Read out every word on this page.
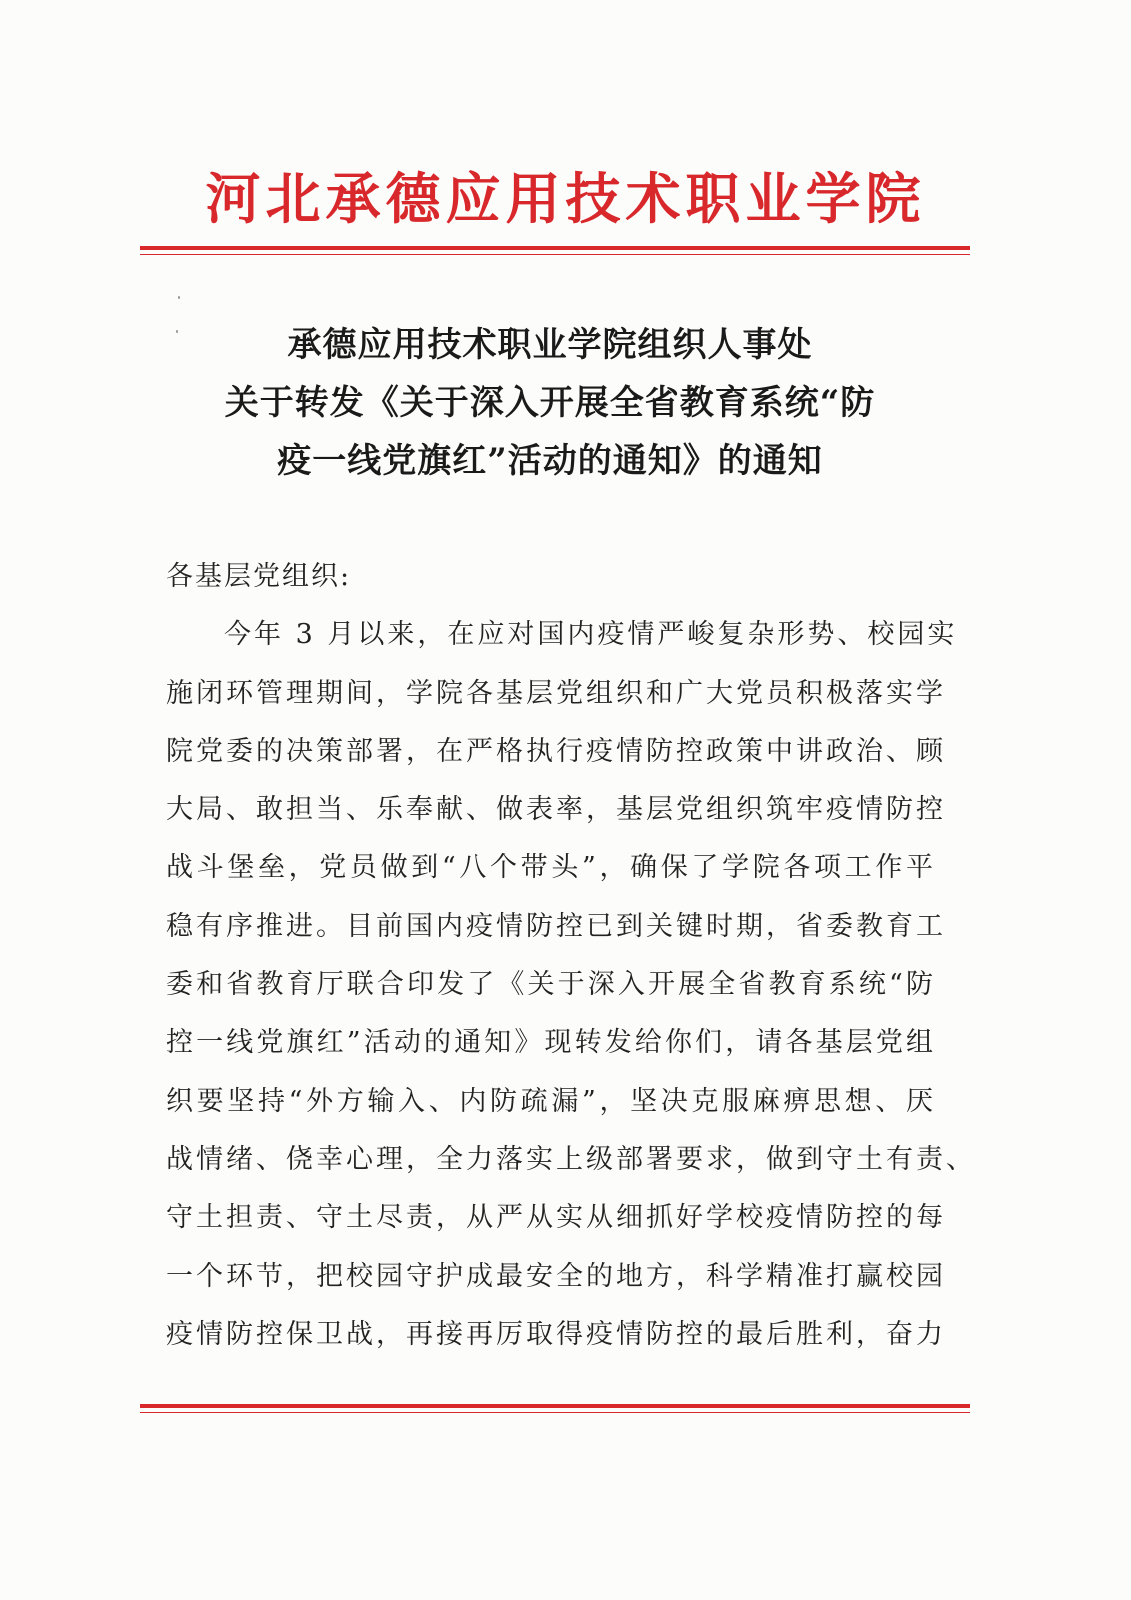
河北承德应用技术职业学院
承德应用技术职业学院组织人事处
关于转发《关于深入开展全省教育系统“防
疫一线党旗红”活动的通知》的通知
各基层党组织:
今年 3 月以来，在应对国内疫情严峻复杂形势、校园实
施闭环管理期间，学院各基层党组织和广大党员积极落实学
院党委的决策部署，在严格执行疫情防控政策中讲政治、顾
大局、敢担当、乐奉献、做表率，基层党组织筑牢疫情防控
战斗堡垒，党员做到“八个带头”，确保了学院各项工作平
稳有序推进。目前国内疫情防控已到关键时期，省委教育工
委和省教育厅联合印发了《关于深入开展全省教育系统“防
控一线党旗红”活动的通知》现转发给你们，请各基层党组
织要坚持“外方输入、内防疏漏”，坚决克服麻痹思想、厌
战情绪、侥幸心理，全力落实上级部署要求，做到守土有责、
守土担责、守土尽责，从严从实从细抓好学校疫情防控的每
一个环节，把校园守护成最安全的地方，科学精准打赢校园
疫情防控保卫战，再接再厉取得疫情防控的最后胜利，奋力
